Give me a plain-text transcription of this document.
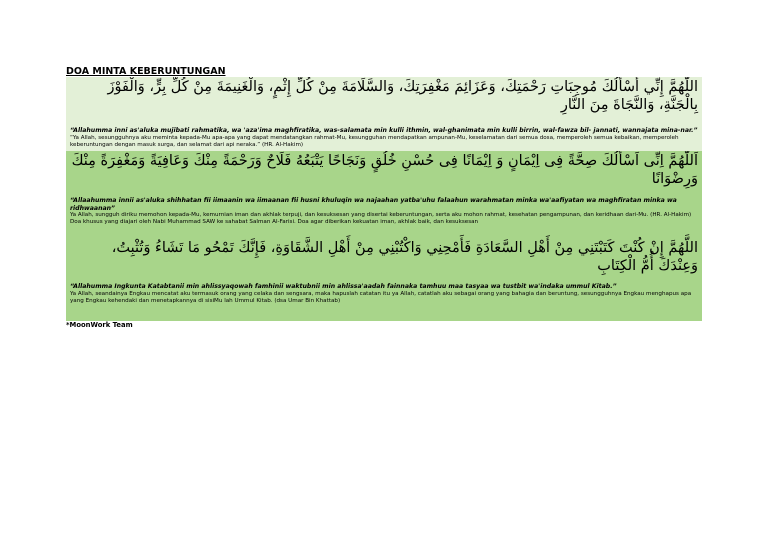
DOA MINTA KEBERUNTUNGAN
اللّٰهُمَّ إِنِّي أَسْأَلُكَ مُوجِبَاتِ رَحْمَتِكَ، وَعَزَائِمَ مَغْفِرَتِكَ، وَالسَّلَامَةَ مِنْ كُلِّ إِثْمٍ، وَالْغَنِيمَةَ مِنْ كُلِّ بِرٍّ، وَالْفَوْزَ بِالْجَنَّةِ، وَالنَّجَاةَ مِنَ النَّارِ
“Allahumma inni as'aluka mujibati rahmatika, wa 'aza'ima maghfiratika, was-salamata min kulli ithmin, wal-ghanimata min kulli birrin, wal-fawza bil- jannati, wannajata mina-nar.”
“Ya Allah, sesungguhnya aku meminta kepada-Mu apa-apa yang dapat mendatangkan rahmat-Mu, kesungguhan mendapatkan ampunan-Mu, keselamatan dari semua dosa, memperoleh semua kebaikan, memperoleh keberuntungan dengan masuk surga, dan selamat dari api neraka.” (HR. Al-Hakim)
اَللّٰهُمَّ اِنِّى اَسْأَلُكَ صِحَّةً فِى اِيْمَانٍ وَ اِيْمَانًا فِى حُسْنِ خُلُقٍ وَنَجَاحًا يَتْبَعُهُ فَلَاحٌ وَرَحْمَةً مِنْكَ وَعَافِيَةً وَمَغْفِرَةً مِنْكَ وَرِضْوَانًا
“Allaahumma innii as'aluka shihhatan fii iimaanin wa iimaanan fii husni khuluqin wa najaahan yatba'uhu falaahun warahmatan minka wa'aafiyatan wa maghfiratan minka wa ridhwaanan”
Ya Allah, sungguh diriku memohon kepada-Mu, kemurnian iman dan akhlak terpuji, dan kesuksesan yang disertai keberuntungan, serta aku mohon rahmat, kesehatan pengampunan, dan keridhaan dari-Mu. (HR. Al-Hakim) Doa khusus yang diajari oleh Nabi Muhammad SAW ke sahabat Salman Al-Farisi. Doa agar diberikan kekuatan iman, akhlak baik, dan kesuksesan
اللَّهُمَّ إِنْ كُنْتَ كَتَبْتَنِي مِنْ أَهْلِ السَّعَادَةِ فَأَمْحِنِي وَاكْتُبْنِي مِنْ أَهْلِ الشَّقَاوَةِ، فَإِنَّكَ تَمْحُو مَا تَشَاءُ وَتُثْبِتُ، وَعِنْدَكَ أُمُّ الْكِتَابِ
“Allahumma Ingkunta Katabtanii min ahlissyaqowah famhinii waktubnii min ahlissa'aadah fainnaka tamhuu maa tasyaa wa tustbit wa'indaka ummul Kitab.”
Ya Allah, seandainya Engkau mencatat aku termasuk orang yang celaka dan sengsara, maka hapuslah catatan itu ya Allah, catatlah aku sebagai orang yang bahagia dan beruntung, sesungguhnya Engkau menghapus apa yang Engkau kehendaki dan menetapkannya di sisiMu lah Ummul Kitab. (dsa Umar Bin Khattab)
*MoonWork Team
